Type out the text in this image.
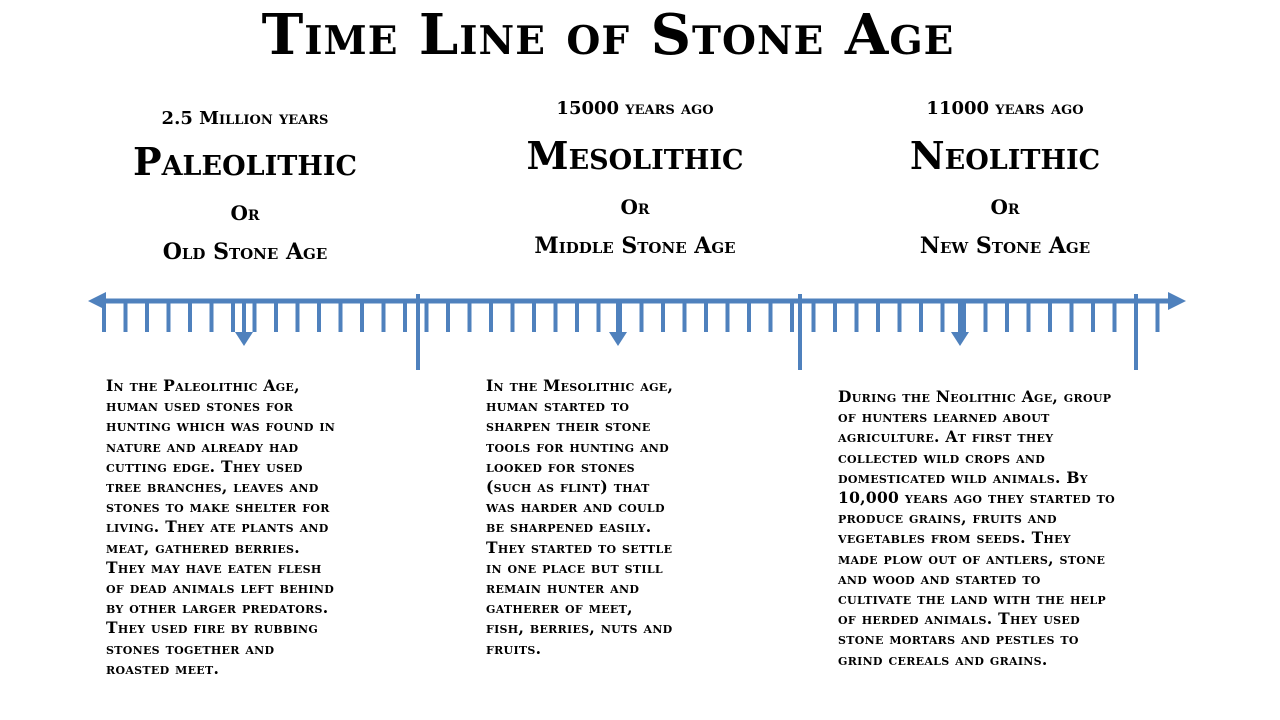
Time Line of Stone Age
2.5 Million years
Paleolithic
Or
Old Stone Age
15000 years ago
Mesolithic
Or
Middle Stone Age
11000 years ago
Neolithic
Or
New Stone Age
In the Paleolithic Age,
human used stones for
hunting which was found in
nature and already had
cutting edge. They used
tree branches, leaves and
stones to make shelter for
living. They ate plants and
meat, gathered berries.
They may have eaten flesh
of dead animals left behind
by other larger predators.
They used fire by rubbing
stones together and
roasted meet.
In the Mesolithic age,
human started to
sharpen their stone
tools for hunting and
looked for stones
(such as flint) that
was harder and could
be sharpened easily.
They started to settle
in one place but still
remain hunter and
gatherer of meet,
fish, berries, nuts and
fruits.
During the Neolithic Age, group
of hunters learned about
agriculture. At first they
collected wild crops and
domesticated wild animals. By
10,000 years ago they started to
produce grains, fruits and
vegetables from seeds. They
made plow out of antlers, stone
and wood and started to
cultivate the land with the help
of herded animals. They used
stone mortars and pestles to
grind cereals and grains.
